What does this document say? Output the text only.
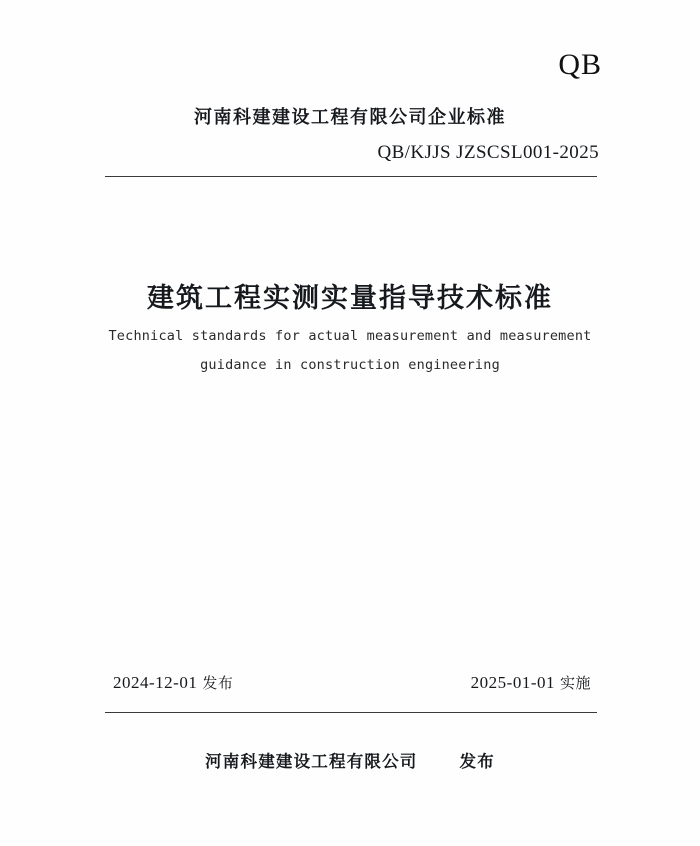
QB
河南科建建设工程有限公司企业标准
QB/KJJS JZSCSL001-2025
建筑工程实测实量指导技术标准
Technical standards for actual measurement and measurement
guidance in construction engineering
2024-12-01 发布	2025-01-01 实施
河南科建建设工程有限公司	发布
